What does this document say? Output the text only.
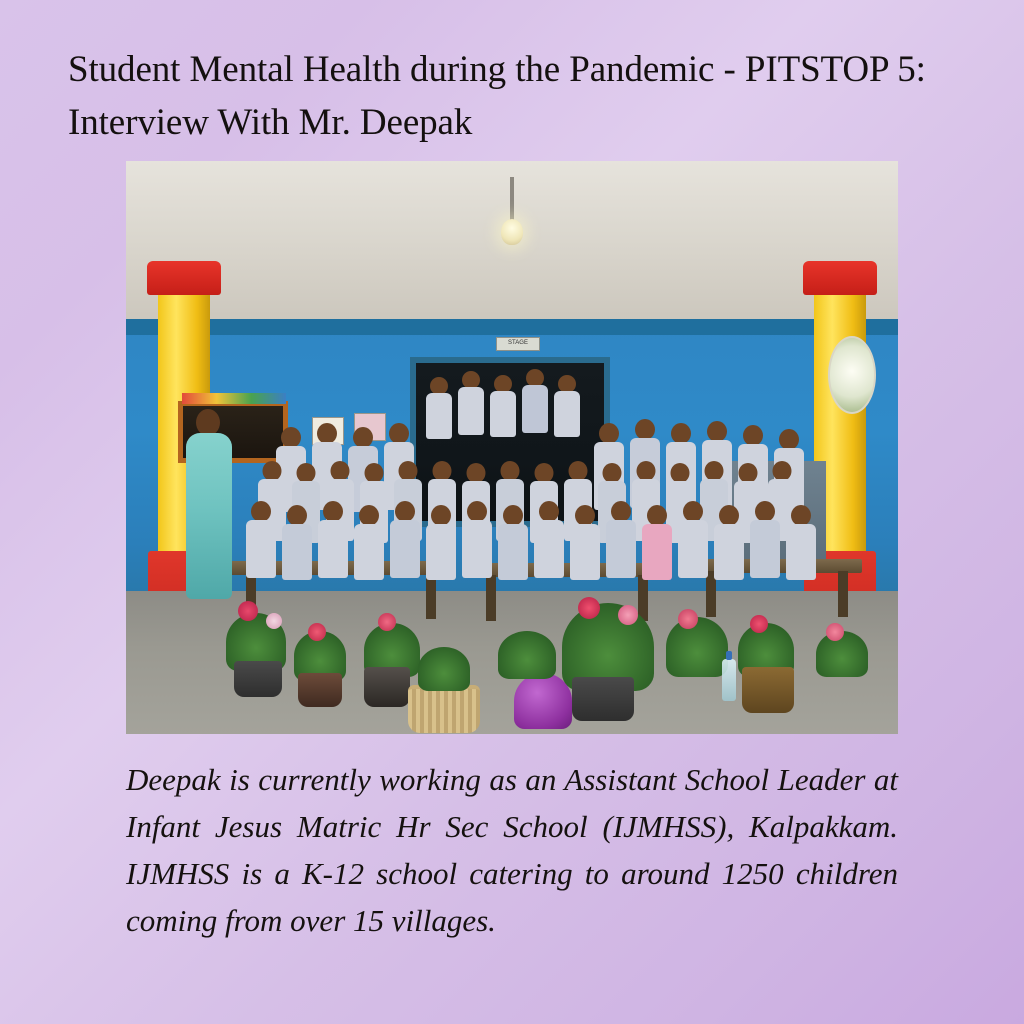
Student Mental Health during the Pandemic - PITSTOP 5: Interview With Mr. Deepak
STAGE
Deepak is currently working as an Assistant School Leader at Infant Jesus Matric Hr Sec School (IJMHSS), Kalpakkam. IJMHSS is a K-12 school catering to around 1250 children coming from over 15 villages.
